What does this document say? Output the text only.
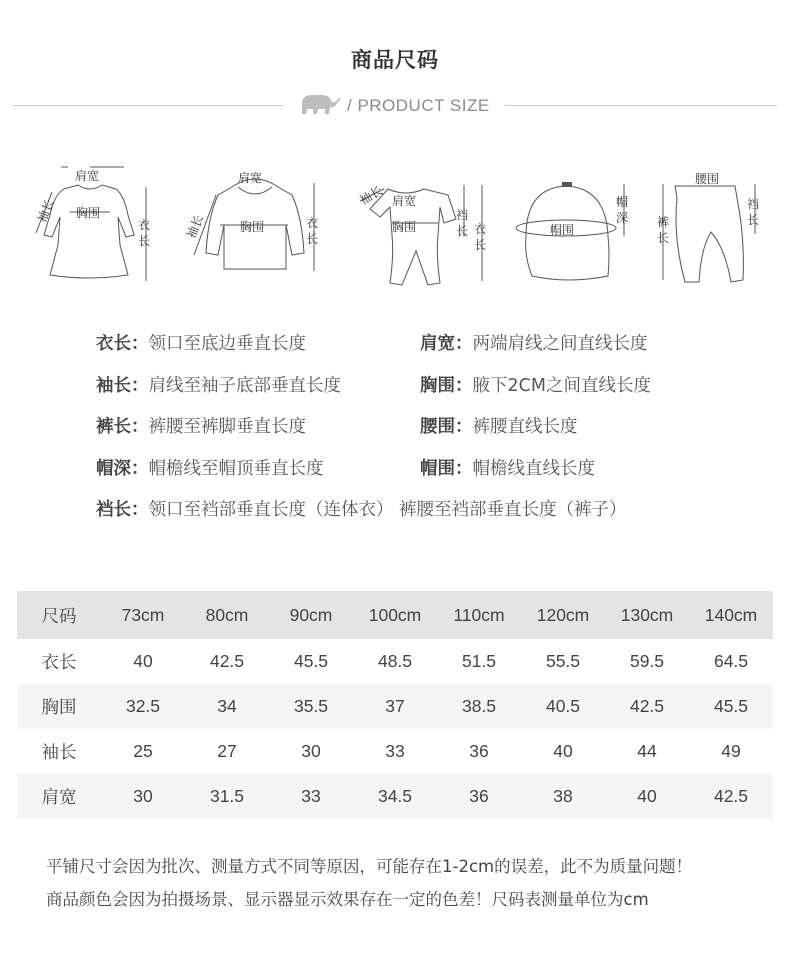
商品尺码
/ PRODUCT SIZE
肩宽
胸围
袖长
衣
长
肩宽
胸围
袖长	衣
长
袖长 肩宽
胸围
裆
长 衣
长
帽围
帽
深
腰围
裤
长
裆
长
衣长：领口至底边垂直长度	肩宽：两端肩线之间直线长度
袖长：肩线至袖子底部垂直长度	胸围：腋下2CM之间直线长度
裤长：裤腰至裤脚垂直长度	腰围：裤腰直线长度
帽深：帽檐线至帽顶垂直长度	帽围：帽檐线直线长度
裆长：领口至裆部垂直长度（连体衣） 裤腰至裆部垂直长度（裤子）
尺码	73cm	80cm	90cm	100cm	110cm	120cm	130cm	140cm
衣长	40	42.5	45.5	48.5	51.5	55.5	59.5	64.5
胸围	32.5	34	35.5	37	38.5	40.5	42.5	45.5
袖长	25	27	30	33	36	40	44	49
肩宽	30	31.5	33	34.5	36	38	40	42.5
平铺尺寸会因为批次、测量方式不同等原因，可能存在1-2cm的误差，此不为质量问题！
商品颜色会因为拍摄场景、显示器显示效果存在一定的色差！尺码表测量单位为cm
